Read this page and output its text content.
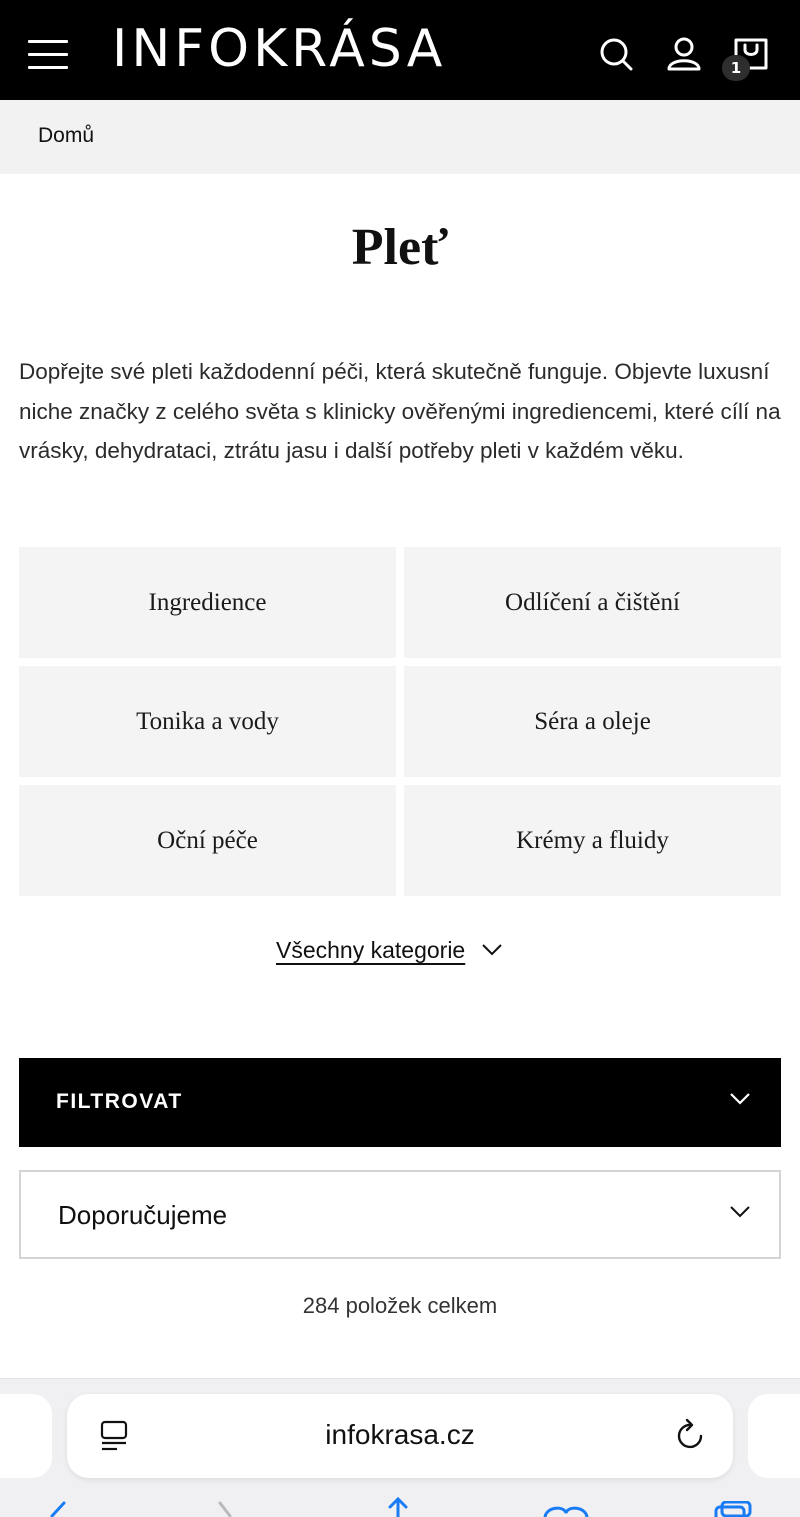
INFOKRÁSA	1
Domů
Pleť

Dopřejte své pleti každodenní péči, která skutečně funguje. Objevte luxusní niche značky z celého světa s klinicky ověřenými ingrediencemi, které cílí na vrásky, dehydrataci, ztrátu jasu i další potřeby pleti v každém věku.

Ingredience	Odlíčení a čištění
Tonika a vody	Séra a oleje
Oční péče	Krémy a fluidy
Všechny kategorie
FILTROVAT
Doporučujeme
284 položek celkem
infokrasa.cz
